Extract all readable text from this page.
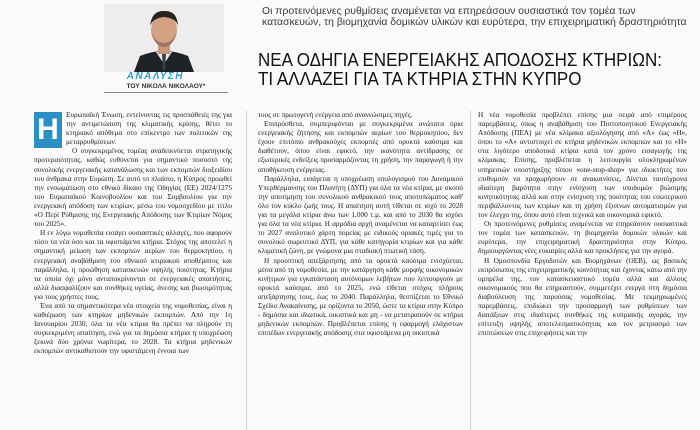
ΑΝΑΛΥΣΗ
ΤΟΥ ΝΙΚΟΛΑ ΝΙΚΟΛΑΟΥ*
Οι προτεινόμενες ρυθμίσεις αναμένεται να επηρεάσουν ουσιαστικά τον τομέα των κατασκευών, τη βιομηχανία δομικών υλικών και ευρύτερα, την επιχειρηματική δραστηριότητα
ΝΕΑ ΟΔΗΓΙΑ ΕΝΕΡΓΕΙΑΚΗΣ ΑΠΟΔΟΣΗΣ ΚΤΗΡΙΩΝ:
ΤΙ ΑΛΛΑΖΕΙ ΓΙΑ ΤΑ ΚΤΗΡΙΑ ΣΤΗΝ ΚΥΠΡΟ
Η Ευρωπαϊκή Ένωση, εντείνοντας τις προσπάθειές της για την αντιμετώπιση της κλιματικής κρίσης, θέτει το κτηριακό απόθεμα στο επίκεντρο των πολιτικών της μεταρρυθμίσεων.

Ο συγκεκριμένος τομέας αναδεικνύεται στρατηγικής προτεραιότητας, καθώς ευθύνεται για σημαντικό ποσοστό της συνολικής ενεργειακής κατανάλωσης και των εκπομπών διοξειδίου του άνθρακα στην Ευρώπη. Σε αυτό το πλαίσιο, η Κύπρος προωθεί την ενσωμάτωση στο εθνικό δίκαιο της Οδηγίας (ΕΕ) 2024/1275 του Ευρωπαϊκού Κοινοβουλίου και του Συμβουλίου για την ενεργειακή απόδοση των κτιρίων, μέσω του νομοσχεδίου με τίτλο «Ο Περί Ρύθμισης της Ενεργειακής Απόδοσης των Κτιρίων Νόμος του 2025».

Η εν λόγω νομοθεσία εισάγει ουσιαστικές αλλαγές, που αφορούν τόσο τα νέα όσο και τα υφιστάμενα κτήρια. Στόχος της αποτελεί η σημαντική μείωση των εκπομπών αερίων του θερμοκηπίου, η ενεργειακή αναβάθμιση του εθνικού κτιριακού αποθέματος και παράλληλα, η προώθηση κατασκευών υψηλής ποιότητας. Κτήρια τα οποία όχι μόνο ανταποκρίνονται σε ενεργειακές απαιτήσεις, αλλά διασφαλίζουν και συνθήκες υγείας, άνεσης και βιωσιμότητας για τους χρήστες τους.

Ένα από τα σημαντικότερα νέα στοιχεία της νομοθεσίας, είναι η καθιέρωση των κτηρίων μηδενικών εκπομπών. Από την 1η Ιανουαρίου 2030, όλα τα νέα κτίρια θα πρέπει να πληρούν τη συγκεκριμένη απαίτηση, ενώ για τα δημόσια κτήρια η υποχρέωση ξεκινά δύο χρόνια νωρίτερα, το 2028. Τα κτήρια μηδενικών εκπομπών αντικαθιστούν την υφιστάμενη έννοια των

τους σε πρωτογενή ενέργεια από ανανεώσιμες πηγές.

Επιπρόσθετα, συμπεριφόνται με συγκεκριμένα ανώτατα όρια ενεργειακής ζήτησης και εκπομπών αερίων του θερμοκηπίου, δεν έχουν επιτόπιο ανθρακούχες εκπομπές από ορυκτά καύσιμα και διαθέτουν, όπου είναι εφικτό, την ικανότητα αντίδρασης σε εξωτερικές ενδείξεις προσαρμόζοντας τη χρήση, την παραγωγή ή την αποθήκευση ενέργειας.

Παράλληλα, εισάγεται η υποχρέωση υπολογισμού του Δυναμικού Υπερθέρμανσης του Πλανήτη (ΔΥΠ) για όλα τα νέα κτίρια, με σκοπό την αποτίμηση του συνολικού ανθρακικού τους αποτυπώματος καθ' όλο τον κύκλο ζωής τους. Η απαίτηση αυτή τίθεται σε ισχύ το 2028 για τα μεγάλα κτίρια άνω των 1.000 τ.μ. και από το 2030 θα ισχύει για όλα τα νέα κτίρια. Η αρμόδια αρχή αναμένεται να καταρτίσει έως το 2027 αναλυτικό χάρτη πορείας με ειδικούς οριακές τιμές για το συνολικό σωρευτικό ΔΥΠ, για κάθε κατηγορία κτιρίων και για κάθε κλιματική ζώνη, με γνώμονα μια σταδιακή πτωτική τάση.

Η προοπτική απεξάρτησης από τα ορυκτά καύσιμα ενισχύεται, μέσα από τη νομοθεσία, με την κατάργηση κάθε μορφής οικονομικών κινήτρων για εγκατάσταση αυτόνομων λεβήτων που λειτουργούν με ορυκτά καύσιμα, από το 2025, ενώ τίθεται στόχος πλήρους απεξάρτησης τους, έως το 2040. Παράλληλα, θεσπίζεται το Εθνικό Σχέδιο Ανακαίνισης, με ορίζοντα το 2050, ώστε τα κτίρια στην Κύπρο - δημόσια και ιδιωτικά, οικιστικά και μη - να μετατραπούν σε κτήρια μηδενικών εκπομπών. Προβλέπεται επίσης η εφαρμογή ελάχιστων επιπέδων ενεργειακής απόδοσης στα υφιστάμενα μη οικιστικά

Η νέα νομοθεσία προβλέπει επίσης μια σειρά από επιμέρους παρεμβάσεις, όπως η αναβάθμιση του Πιστοποιητικού Ενεργειακής Απόδοσης (ΠΕΑ) με νέα κλίμακα αξιολόγησης από «Α» έως «Η», όπου το «Α» αντιστοιχεί σε κτήρια μηδενικών εκπομπών και το «Η» στα λιγότερο αποδοτικά κτίρια κατά τον χρόνο εισαγωγής της κλίμακας. Επίσης, προβλέπεται η λειτουργία ολοκληρωμένων υπηρεσιών υποστήριξης τύπου «one-stop-shop» για ιδιοκτήτες που επιθυμούν να προχωρήσουν σε ανακαινίσεις. Δίνεται ταυτόχρονα ιδιαίτερη βαρύτητα στην ενίσχυση των υποδομών βιώσιμης κινητικότητας αλλά και στην ενίσχυση της ποιότητας του εσωτερικού περιβάλλοντος των κτιρίων και τη χρήση έξυπνων αυτοματισμών για τον έλεγχο της, όπου αυτό είναι τεχνικά και οικονομικά εφικτό.

Οι προτεινόμενες ρυθμίσεις αναμένεται να επηρεάσουν ουσιαστικά τον τομέα των κατασκευών, τη βιομηχανία δομικών υλικών και ευρύτερα, την επιχειρηματική δραστηριότητα στην Κύπρο, δημιουργώντας νέες ευκαιρίες αλλά και προκλήσεις για την αγορά.

Η Ομοσπονδία Εργοδοτών και Βιομηχάνων (ΟΕΒ), ως βασικός εκπρόσωπος της επιχειρηματικής κοινότητας και έχοντας κάτω από την ομπρέλα της, τον κατασκευαστικό τομέα αλλά και άλλους οικονομικούς που θα επηρεαστούν, συμμετέχει ενεργά στη δημόσια διαβούλευση της παρούσας νομοθεσίας. Με τεκμηριωμένες παρεμβάσεις, επιδιώκει την προσαρμογή των ρυθμίσεων των διατάξεων στις ιδιαίτερες συνθήκες της κυπριακής αγοράς, την επίτευξη υψηλής αποτελεσματικότητας και τον μετριασμό των επιπτώσεων στις επιχειρήσεις και την
